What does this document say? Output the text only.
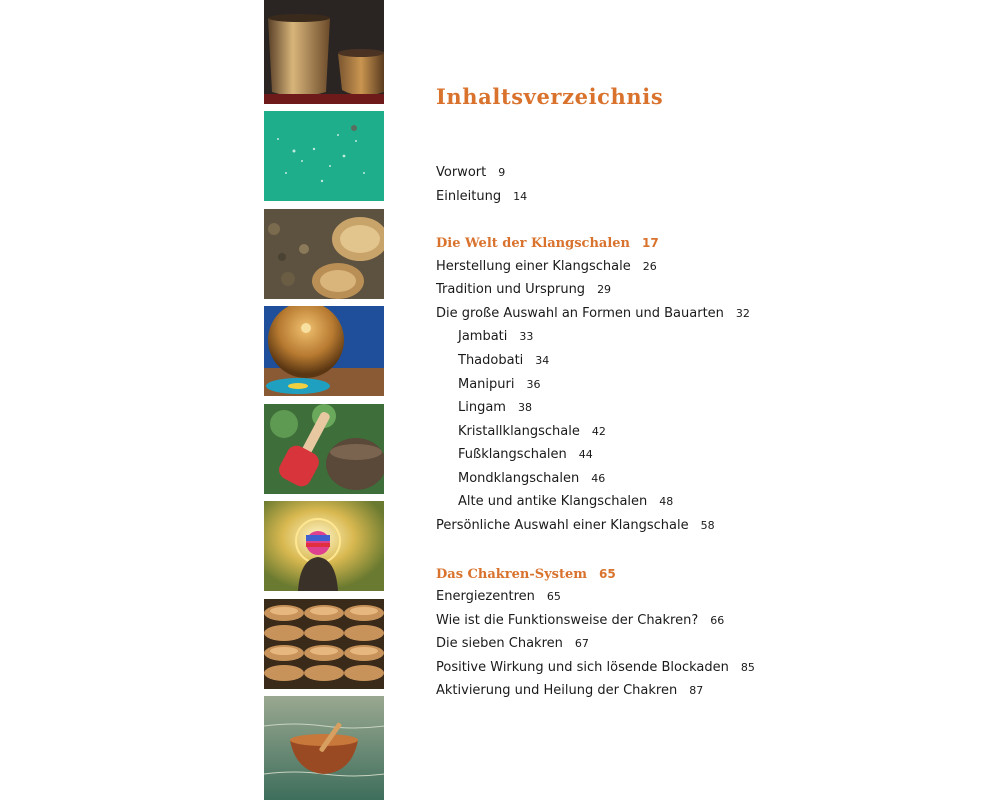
Inhaltsverzeichnis
Vorwort 9
Einleitung 14
Die Welt der Klangschalen 17
Herstellung einer Klangschale 26
Tradition und Ursprung 29
Die große Auswahl an Formen und Bauarten 32
Jambati 33
Thadobati 34
Manipuri 36
Lingam 38
Kristallklangschale 42
Fußklangschalen 44
Mondklangschalen 46
Alte und antike Klangschalen 48
Persönliche Auswahl einer Klangschale 58
Das Chakren-System 65
Energiezentren 65
Wie ist die Funktionsweise der Chakren? 66
Die sieben Chakren 67
Positive Wirkung und sich lösende Blockaden 85
Aktivierung und Heilung der Chakren 87
